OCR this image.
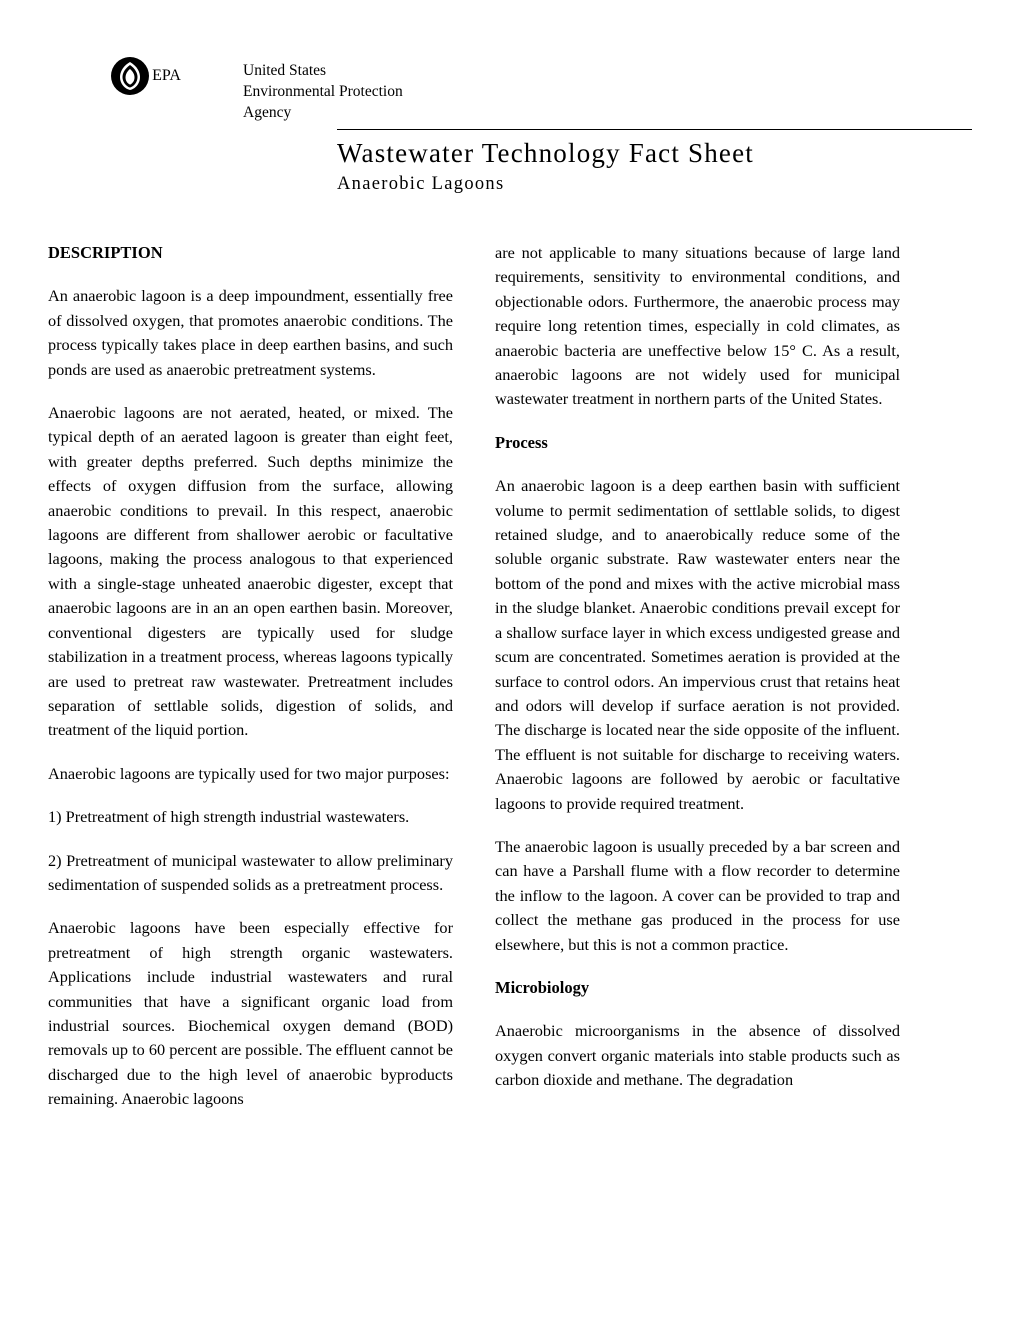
EPA	United States
Environmental Protection
Agency
Wastewater Technology Fact Sheet
Anaerobic Lagoons
DESCRIPTION

An anaerobic lagoon is a deep impoundment, essentially free of dissolved oxygen, that promotes anaerobic conditions. The process typically takes place in deep earthen basins, and such ponds are used as anaerobic pretreatment systems.

Anaerobic lagoons are not aerated, heated, or mixed. The typical depth of an aerated lagoon is greater than eight feet, with greater depths preferred. Such depths minimize the effects of oxygen diffusion from the surface, allowing anaerobic conditions to prevail. In this respect, anaerobic lagoons are different from shallower aerobic or facultative lagoons, making the process analogous to that experienced with a single-stage unheated anaerobic digester, except that anaerobic lagoons are in an an open earthen basin. Moreover, conventional digesters are typically used for sludge stabilization in a treatment process, whereas lagoons typically are used to pretreat raw wastewater. Pretreatment includes separation of settlable solids, digestion of solids, and treatment of the liquid portion.

Anaerobic lagoons are typically used for two major purposes:

1) Pretreatment of high strength industrial wastewaters.

2) Pretreatment of municipal wastewater to allow preliminary sedimentation of suspended solids as a pretreatment process.

Anaerobic lagoons have been especially effective for pretreatment of high strength organic wastewaters. Applications include industrial wastewaters and rural communities that have a significant organic load from industrial sources. Biochemical oxygen demand (BOD) removals up to 60 percent are possible. The effluent cannot be discharged due to the high level of anaerobic byproducts remaining. Anaerobic lagoons

are not applicable to many situations because of large land requirements, sensitivity to environmental conditions, and objectionable odors. Furthermore, the anaerobic process may require long retention times, especially in cold climates, as anaerobic bacteria are uneffective below 15° C. As a result, anaerobic lagoons are not widely used for municipal wastewater treatment in northern parts of the United States.

Process

An anaerobic lagoon is a deep earthen basin with sufficient volume to permit sedimentation of settlable solids, to digest retained sludge, and to anaerobically reduce some of the soluble organic substrate. Raw wastewater enters near the bottom of the pond and mixes with the active microbial mass in the sludge blanket. Anaerobic conditions prevail except for a shallow surface layer in which excess undigested grease and scum are concentrated. Sometimes aeration is provided at the surface to control odors. An impervious crust that retains heat and odors will develop if surface aeration is not provided. The discharge is located near the side opposite of the influent. The effluent is not suitable for discharge to receiving waters. Anaerobic lagoons are followed by aerobic or facultative lagoons to provide required treatment.

The anaerobic lagoon is usually preceded by a bar screen and can have a Parshall flume with a flow recorder to determine the inflow to the lagoon. A cover can be provided to trap and collect the methane gas produced in the process for use elsewhere, but this is not a common practice.

Microbiology

Anaerobic microorganisms in the absence of dissolved oxygen convert organic materials into stable products such as carbon dioxide and methane. The degradation
